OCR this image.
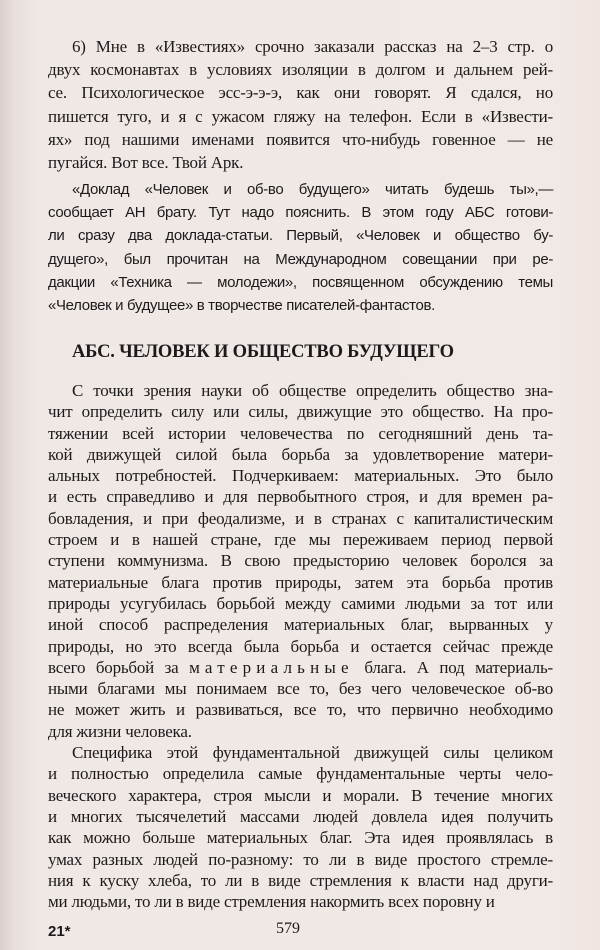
6) Мне в «Известиях» срочно заказали рассказ на 2–3 стр. о
двух космонавтах в условиях изоляции в долгом и дальнем рей-
се. Психологическое эсс-э-э-э, как они говорят. Я сдался, но
пишется туго, и я с ужасом гляжу на телефон. Если в «Извести-
ях» под нашими именами появится что-нибудь говенное — не
пугайся. Вот все. Твой Арк.
«Доклад «Человек и об-во будущего» читать будешь ты»,—
сообщает АН брату. Тут надо пояснить. В этом году АБС готови-
ли сразу два доклада-статьи. Первый, «Человек и общество бу-
дущего», был прочитан на Международном совещании при ре-
дакции «Техника — молодежи», посвященном обсуждению темы
«Человек и будущее» в творчестве писателей-фантастов.
АБС. ЧЕЛОВЕК И ОБЩЕСТВО БУДУЩЕГО
С точки зрения науки об обществе определить общество зна-
чит определить силу или силы, движущие это общество. На про-
тяжении всей истории человечества по сегодняшний день та-
кой движущей силой была борьба за удовлетворение матери-
альных потребностей. Подчеркиваем: материальных. Это было
и есть справедливо и для первобытного строя, и для времен ра-
бовладения, и при феодализме, и в странах с капиталистическим
строем и в нашей стране, где мы переживаем период первой
ступени коммунизма. В свою предысторию человек боролся за
материальные блага против природы, затем эта борьба против
природы усугубилась борьбой между самими людьми за тот или
иной способ распределения материальных благ, вырванных у
природы, но это всегда была борьба и остается сейчас прежде
всего борьбой за материальные блага. А под материаль-
ными благами мы понимаем все то, без чего человеческое об-во
не может жить и развиваться, все то, что первично необходимо
для жизни человека.
Специфика этой фундаментальной движущей силы целиком
и полностью определила самые фундаментальные черты чело-
веческого характера, строя мысли и морали. В течение многих
и многих тысячелетий массами людей довлела идея получить
как можно больше материальных благ. Эта идея проявлялась в
умах разных людей по-разному: то ли в виде простого стремле-
ния к куску хлеба, то ли в виде стремления к власти над други-
ми людьми, то ли в виде стремления накормить всех поровну и
21*	579
